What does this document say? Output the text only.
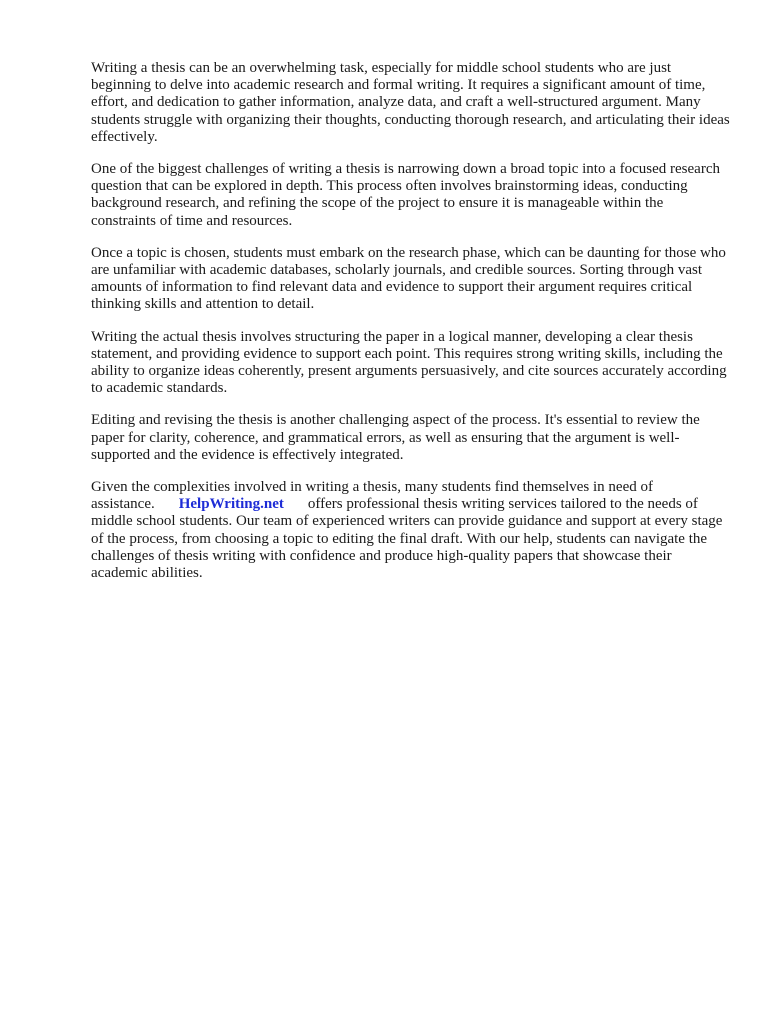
Writing a thesis can be an overwhelming task, especially for middle school students who are just beginning to delve into academic research and formal writing. It requires a significant amount of time, effort, and dedication to gather information, analyze data, and craft a well-structured argument. Many students struggle with organizing their thoughts, conducting thorough research, and articulating their ideas effectively.

One of the biggest challenges of writing a thesis is narrowing down a broad topic into a focused research question that can be explored in depth. This process often involves brainstorming ideas, conducting background research, and refining the scope of the project to ensure it is manageable within the constraints of time and resources.

Once a topic is chosen, students must embark on the research phase, which can be daunting for those who are unfamiliar with academic databases, scholarly journals, and credible sources. Sorting through vast amounts of information to find relevant data and evidence to support their argument requires critical thinking skills and attention to detail.

Writing the actual thesis involves structuring the paper in a logical manner, developing a clear thesis statement, and providing evidence to support each point. This requires strong writing skills, including the ability to organize ideas coherently, present arguments persuasively, and cite sources accurately according to academic standards.

Editing and revising the thesis is another challenging aspect of the process. It's essential to review the paper for clarity, coherence, and grammatical errors, as well as ensuring that the argument is well-supported and the evidence is effectively integrated.

Given the complexities involved in writing a thesis, many students find themselves in need of assistance. HelpWriting.net offers professional thesis writing services tailored to the needs of middle school students. Our team of experienced writers can provide guidance and support at every stage of the process, from choosing a topic to editing the final draft. With our help, students can navigate the challenges of thesis writing with confidence and produce high-quality papers that showcase their academic abilities.
